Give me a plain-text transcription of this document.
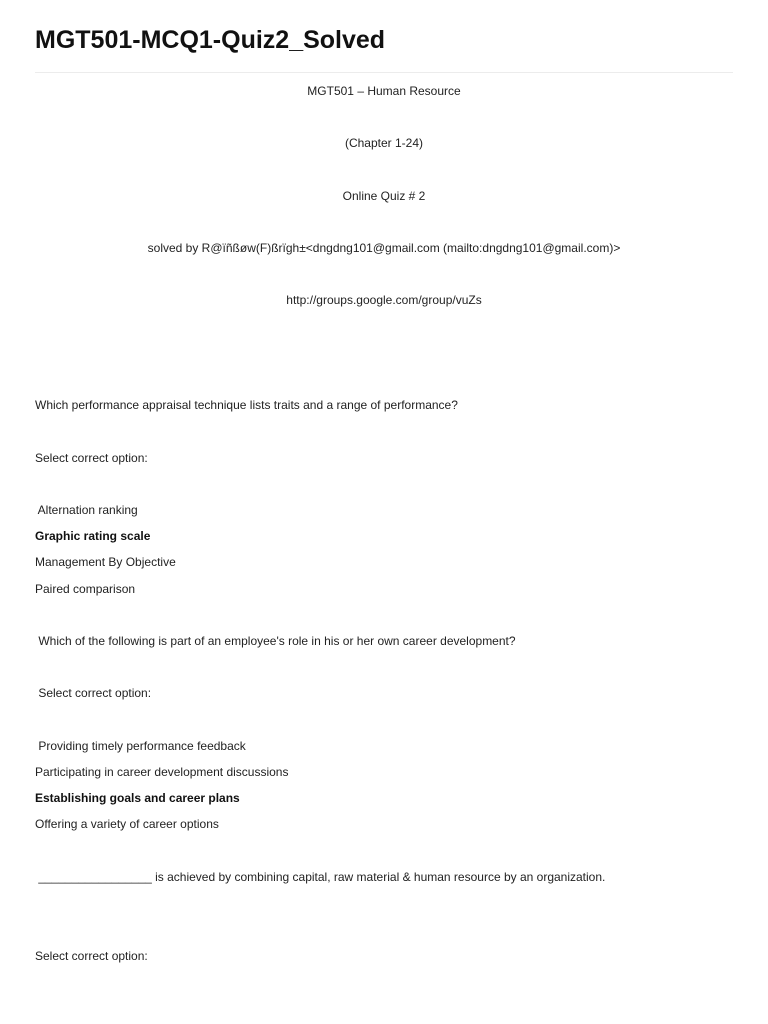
MGT501-MCQ1-Quiz2_Solved
MGT501 – Human Resource
(Chapter 1-24)
Online Quiz # 2
solved by R@ïñßøw(F)ßrïgh±<dngdng101@gmail.com (mailto:dngdng101@gmail.com)>
http://groups.google.com/group/vuZs
Which performance appraisal technique lists traits and a range of performance?
Select correct option:
Alternation ranking
Graphic rating scale
Management By Objective
Paired comparison
Which of the following is part of an employee's role in his or her own career development?
Select correct option:
Providing timely performance feedback
Participating in career development discussions
Establishing goals and career plans
Offering a variety of career options
_________________ is achieved by combining capital, raw material & human resource by an organization.
Select correct option:
